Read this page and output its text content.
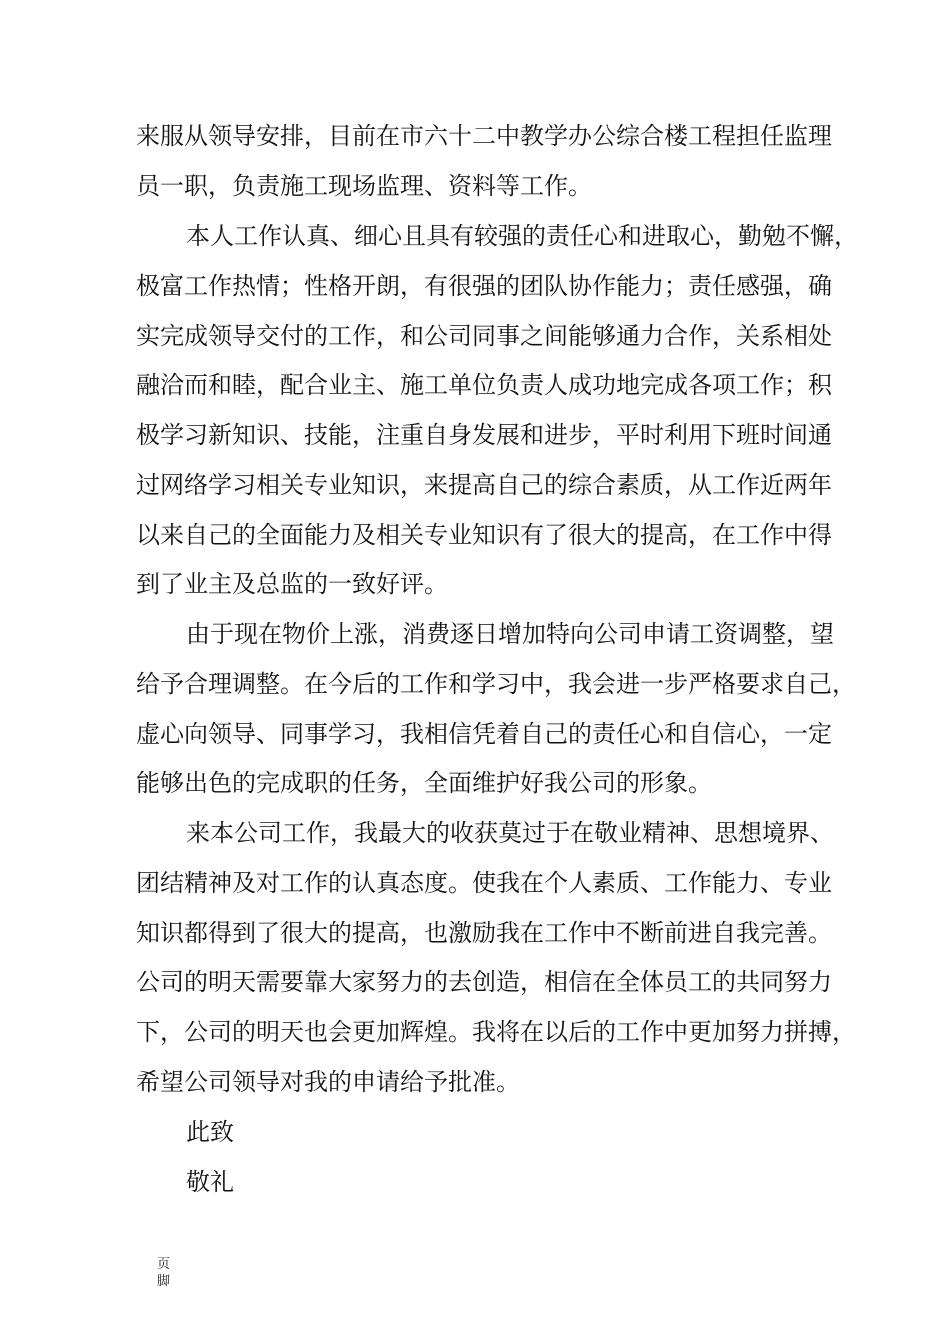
来服从领导安排，目前在市六十二中教学办公综合楼工程担任监理
员一职，负责施工现场监理、资料等工作。
本人工作认真、细心且具有较强的责任心和进取心，勤勉不懈，
极富工作热情；性格开朗，有很强的团队协作能力；责任感强，确
实完成领导交付的工作，和公司同事之间能够通力合作，关系相处
融洽而和睦，配合业主、施工单位负责人成功地完成各项工作；积
极学习新知识、技能，注重自身发展和进步，平时利用下班时间通
过网络学习相关专业知识，来提高自己的综合素质，从工作近两年
以来自己的全面能力及相关专业知识有了很大的提高，在工作中得
到了业主及总监的一致好评。
由于现在物价上涨，消费逐日增加特向公司申请工资调整，望
给予合理调整。在今后的工作和学习中，我会进一步严格要求自己，
虚心向领导、同事学习，我相信凭着自己的责任心和自信心，一定
能够出色的完成职的任务，全面维护好我公司的形象。
来本公司工作，我最大的收获莫过于在敬业精神、思想境界、
团结精神及对工作的认真态度。使我在个人素质、工作能力、专业
知识都得到了很大的提高，也激励我在工作中不断前进自我完善。
公司的明天需要靠大家努力的去创造，相信在全体员工的共同努力
下，公司的明天也会更加辉煌。我将在以后的工作中更加努力拼搏，
希望公司领导对我的申请给予批准。
此致
敬礼
页
脚
